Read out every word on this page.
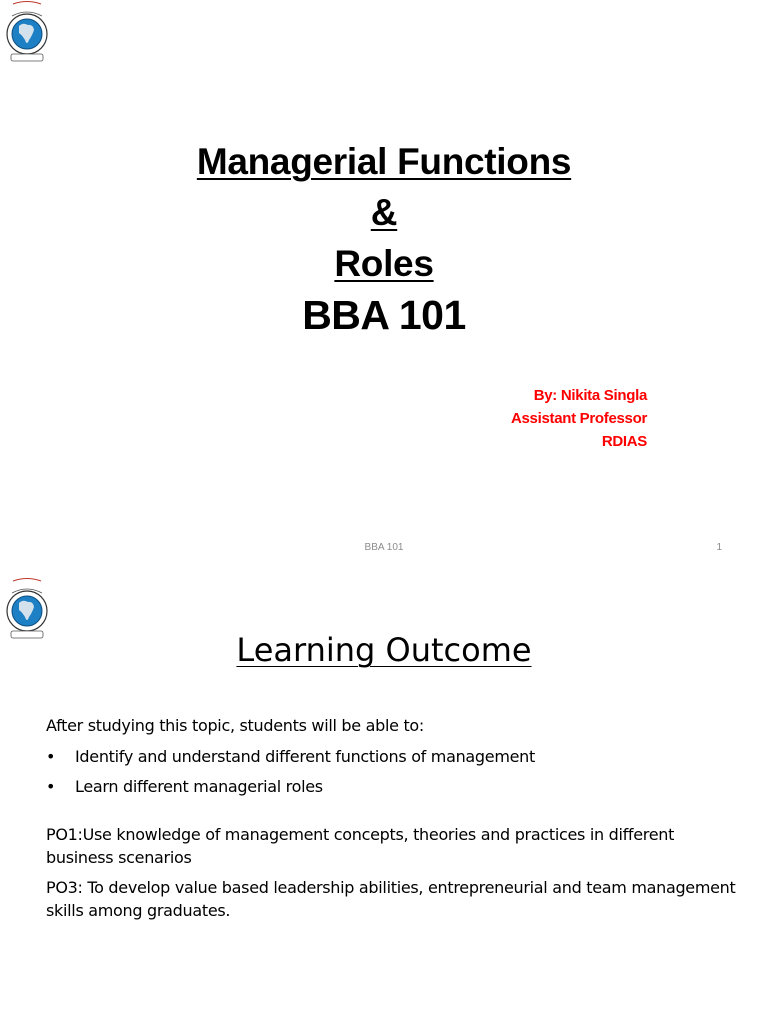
Managerial Functions
&
Roles
BBA 101
By: Nikita Singla
Assistant Professor
RDIAS
BBA 101	1
Learning Outcome

After studying this topic, students will be able to:

• Identify and understand different functions of management
• Learn different managerial roles

PO1:Use knowledge of management concepts, theories and practices in different business scenarios

PO3: To develop value based leadership abilities, entrepreneurial and team management skills among graduates.
